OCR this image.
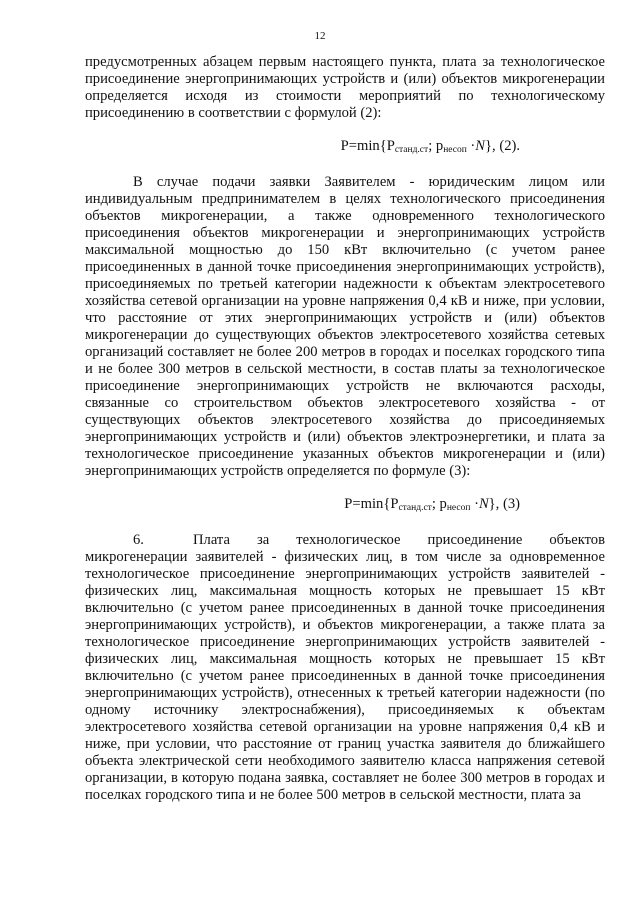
12

предусмотренных абзацем первым настоящего пункта, плата за технологическое присоединение энергопринимающих устройств и (или) объектов микрогенерации определяется исходя из стоимости мероприятий по технологическому присоединению в соответствии с формулой (2):

$P=\min\{P_{станд.ст}$; $p_{несоп} \cdot N$}, (2).

В случае подачи заявки Заявителем - юридическим лицом или индивидуальным предпринимателем в целях технологического присоединения объектов микрогенерации, а также одновременного технологического присоединения объектов микрогенерации и энергопринимающих устройств максимальной мощностью до 150 кВт включительно (с учетом ранее присоединенных в данной точке присоединения энергопринимающих устройств), присоединяемых по третьей категории надежности к объектам электросетевого хозяйства сетевой организации на уровне напряжения 0,4 кВ и ниже, при условии, что расстояние от этих энергопринимающих устройств и (или) объектов микрогенерации до существующих объектов электросетевого хозяйства сетевых организаций составляет не более 200 метров в городах и поселках городского типа и не более 300 метров в сельской местности, в состав платы за технологическое присоединение энергопринимающих устройств не включаются расходы, связанные со строительством объектов электросетевого хозяйства - от существующих объектов электросетевого хозяйства до присоединяемых энергопринимающих устройств и (или) объектов электроэнергетики, и плата за технологическое присоединение указанных объектов микрогенерации и (или) энергопринимающих устройств определяется по формуле (3):

$P=\min\{P_{станд.ст}$; $p_{несоп} \cdot N$}, (3)

6.	Плата за технологическое присоединение объектов микрогенерации заявителей - физических лиц, в том числе за одновременное технологическое присоединение энергопринимающих устройств заявителей - физических лиц, максимальная мощность которых не превышает 15 кВт включительно (с учетом ранее присоединенных в данной точке присоединения энергопринимающих устройств), и объектов микрогенерации, а также плата за технологическое присоединение энергопринимающих устройств заявителей - физических лиц, максимальная мощность которых не превышает 15 кВт включительно (с учетом ранее присоединенных в данной точке присоединения энергопринимающих устройств), отнесенных к третьей категории надежности (по одному источнику электроснабжения), присоединяемых к объектам электросетевого хозяйства сетевой организации на уровне напряжения 0,4 кВ и ниже, при условии, что расстояние от границ участка заявителя до ближайшего объекта электрической сети необходимого заявителю класса напряжения сетевой организации, в которую подана заявка, составляет не более 300 метров в городах и поселках городского типа и не более 500 метров в сельской местности, плата за
